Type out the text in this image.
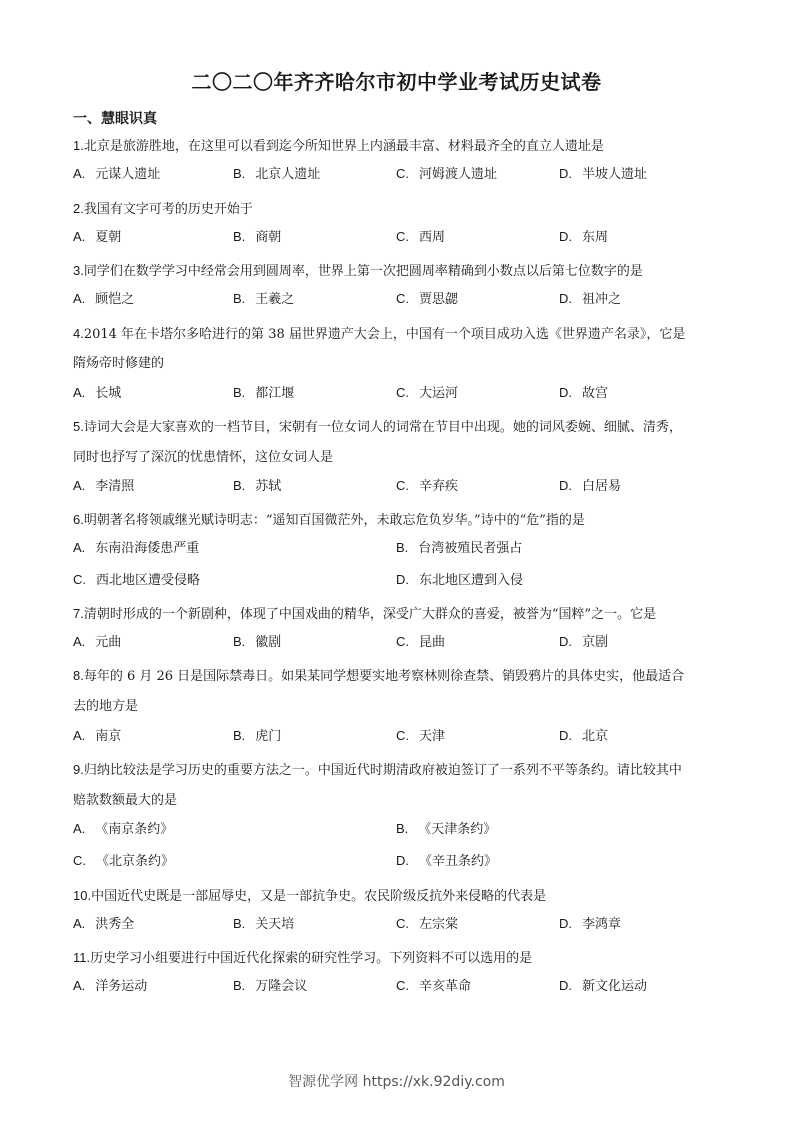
二〇二〇年齐齐哈尔市初中学业考试历史试卷
一、慧眼识真
1.北京是旅游胜地，在这里可以看到迄今所知世界上内涵最丰富、材料最齐全的直立人遗址是
A. 元谋人遗址	B. 北京人遗址	C. 河姆渡人遗址	D. 半坡人遗址
2.我国有文字可考的历史开始于
A. 夏朝	B. 商朝	C. 西周	D. 东周
3.同学们在数学学习中经常会用到圆周率，世界上第一次把圆周率精确到小数点以后第七位数字的是
A. 顾恺之	B. 王羲之	C. 贾思勰	D. 祖冲之
4.2014 年在卡塔尔多哈进行的第 38 届世界遗产大会上，中国有一个项目成功入选《世界遗产名录》，它是
隋炀帝时修建的
A. 长城	B. 都江堰	C. 大运河	D. 故宫
5.诗词大会是大家喜欢的一档节目，宋朝有一位女词人的词常在节目中出现。她的词风委婉、细腻、清秀，
同时也抒写了深沉的忧患情怀，这位女词人是
A. 李清照	B. 苏轼	C. 辛弃疾	D. 白居易
6.明朝著名将领戚继光赋诗明志：“遥知百国微茫外，未敢忘危负岁华。”诗中的“危”指的是
A. 东南沿海倭患严重	B. 台湾被殖民者强占
C. 西北地区遭受侵略	D. 东北地区遭到入侵
7.清朝时形成的一个新剧种，体现了中国戏曲的精华，深受广大群众的喜爱，被誉为“国粹”之一。它是
A. 元曲	B. 徽剧	C. 昆曲	D. 京剧
8.每年的 6 月 26 日是国际禁毒日。如果某同学想要实地考察林则徐查禁、销毁鸦片的具体史实，他最适合
去的地方是
A. 南京	B. 虎门	C. 天津	D. 北京
9.归纳比较法是学习历史的重要方法之一。中国近代时期清政府被迫签订了一系列不平等条约。请比较其中
赔款数额最大的是
A. 《南京条约》	B. 《天津条约》
C. 《北京条约》	D. 《辛丑条约》
10.中国近代史既是一部屈辱史，又是一部抗争史。农民阶级反抗外来侵略的代表是
A. 洪秀全	B. 关天培	C. 左宗棠	D. 李鸿章
11.历史学习小组要进行中国近代化探索的研究性学习。下列资料不可以选用的是
A. 洋务运动	B. 万隆会议	C. 辛亥革命	D. 新文化运动
智源优学网 https://xk.92diy.com
